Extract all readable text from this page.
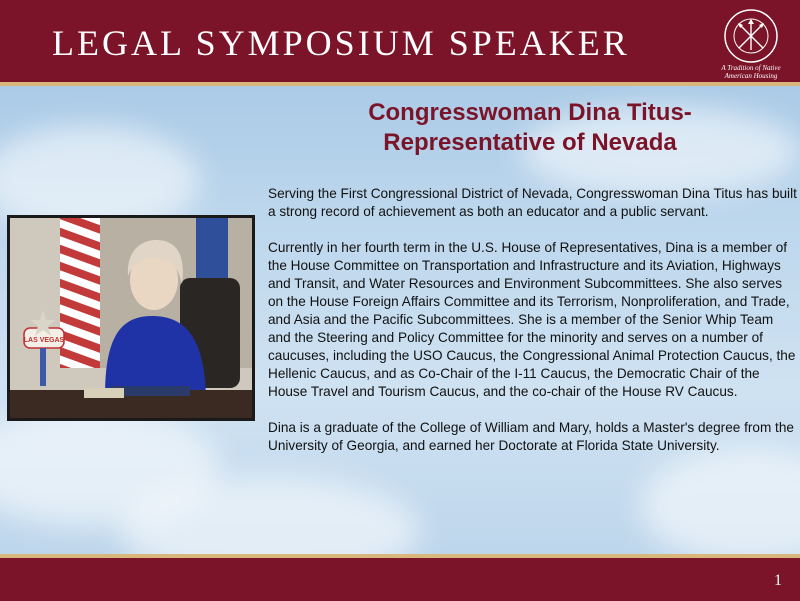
LEGAL SYMPOSIUM SPEAKER
A Tradition of Native
American Housing
Congresswoman Dina Titus-
Representative of Nevada
LAS VEGAS

Serving the First Congressional District of Nevada, Congresswoman Dina Titus has built a strong record of achievement as both an educator and a public servant.

Currently in her fourth term in the U.S. House of Representatives, Dina is a member of the House Committee on Transportation and Infrastructure and its Aviation, Highways and Transit, and Water Resources and Environment Subcommittees. She also serves on the House Foreign Affairs Committee and its Terrorism, Nonproliferation, and Trade, and Asia and the Pacific Subcommittees. She is a member of the Senior Whip Team and the Steering and Policy Committee for the minority and serves on a number of caucuses, including the USO Caucus, the Congressional Animal Protection Caucus, the Hellenic Caucus, and as Co-Chair of the I-11 Caucus, the Democratic Chair of the House Travel and Tourism Caucus, and the co-chair of the House RV Caucus.

Dina is a graduate of the College of William and Mary, holds a Master's degree from the University of Georgia, and earned her Doctorate at Florida State University.

1
